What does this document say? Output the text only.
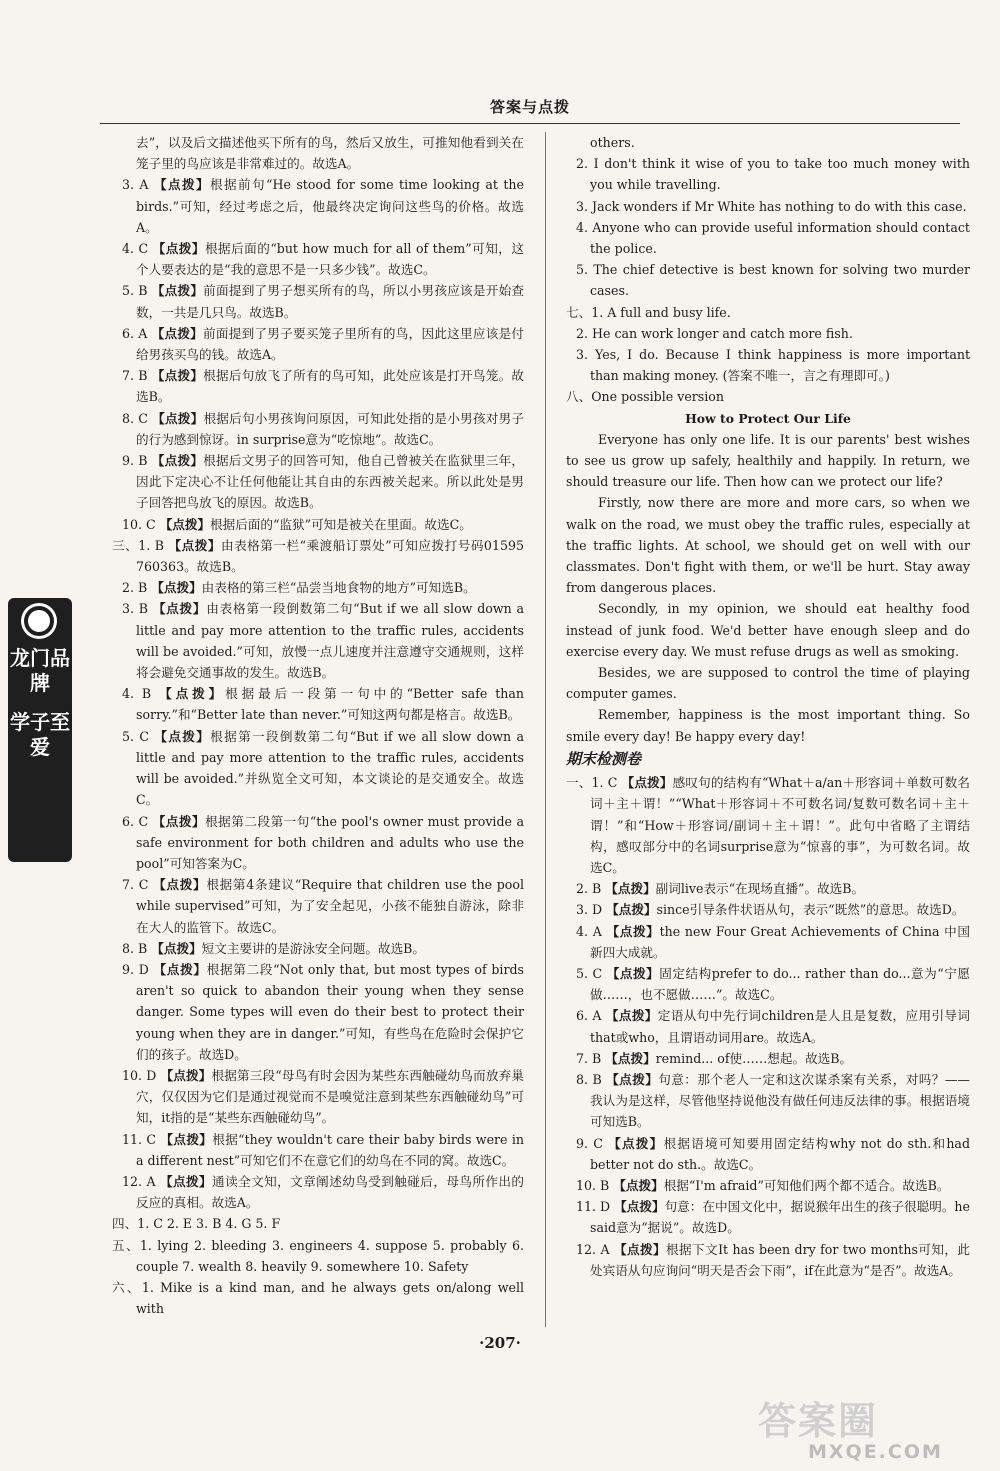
答案与点拨
去”，以及后文描述他买下所有的鸟，然后又放生，可推知他看到关在笼子里的鸟应该是非常难过的。故选A。
3. A 【点拨】根据前句“He stood for some time looking at the birds.”可知，经过考虑之后，他最终决定询问这些鸟的价格。故选A。
4. C 【点拨】根据后面的“but how much for all of them”可知，这个人要表达的是“我的意思不是一只多少钱”。故选C。
5. B 【点拨】前面提到了男子想买所有的鸟，所以小男孩应该是开始查数，一共是几只鸟。故选B。
6. A 【点拨】前面提到了男子要买笼子里所有的鸟，因此这里应该是付给男孩买鸟的钱。故选A。
7. B 【点拨】根据后句放飞了所有的鸟可知，此处应该是打开鸟笼。故选B。
8. C 【点拨】根据后句小男孩询问原因，可知此处指的是小男孩对男子的行为感到惊讶。in surprise意为“吃惊地”。故选C。
9. B 【点拨】根据后文男子的回答可知，他自己曾被关在监狱里三年，因此下定决心不让任何他能让其自由的东西被关起来。所以此处是男子回答把鸟放飞的原因。故选B。
10. C 【点拨】根据后面的“监狱”可知是被关在里面。故选C。
三、1. B 【点拨】由表格第一栏“乘渡船订票处”可知应拨打号码01595 760363。故选B。
2. B 【点拨】由表格的第三栏“品尝当地食物的地方”可知选B。
3. B 【点拨】由表格第一段倒数第二句“But if we all slow down a little and pay more attention to the traffic rules, accidents will be avoided.”可知，放慢一点儿速度并注意遵守交通规则，这样将会避免交通事故的发生。故选B。
4. B 【点拨】根据最后一段第一句中的“Better safe than sorry.”和“Better late than never.”可知这两句都是格言。故选B。
5. C 【点拨】根据第一段倒数第二句“But if we all slow down a little and pay more attention to the traffic rules, accidents will be avoided.”并纵览全文可知，本文谈论的是交通安全。故选C。
6. C 【点拨】根据第二段第一句“the pool's owner must provide a safe environment for both children and adults who use the pool”可知答案为C。
7. C 【点拨】根据第4条建议“Require that children use the pool while supervised”可知，为了安全起见，小孩不能独自游泳，除非在大人的监管下。故选C。
8. B 【点拨】短文主要讲的是游泳安全问题。故选B。
9. D 【点拨】根据第二段“Not only that, but most types of birds aren't so quick to abandon their young when they sense danger. Some types will even do their best to protect their young when they are in danger.”可知，有些鸟在危险时会保护它们的孩子。故选D。
10. D 【点拨】根据第三段“母鸟有时会因为某些东西触碰幼鸟而放弃巢穴，仅仅因为它们是通过视觉而不是嗅觉注意到某些东西触碰幼鸟”可知，it指的是“某些东西触碰幼鸟”。
11. C 【点拨】根据“they wouldn't care their baby birds were in a different nest”可知它们不在意它们的幼鸟在不同的窝。故选C。
12. A 【点拨】通读全文知，文章阐述幼鸟受到触碰后，母鸟所作出的反应的真相。故选A。
四、1. C 2. E 3. B 4. G 5. F
五、1. lying 2. bleeding 3. engineers 4. suppose 5. probably 6. couple 7. wealth 8. heavily 9. somewhere 10. Safety
六、1. Mike is a kind man, and he always gets on/along well with
others.
2. I don't think it wise of you to take too much money with you while travelling.
3. Jack wonders if Mr White has nothing to do with this case.
4. Anyone who can provide useful information should contact the police.
5. The chief detective is best known for solving two murder cases.
七、1. A full and busy life.
2. He can work longer and catch more fish.
3. Yes, I do. Because I think happiness is more important than making money. (答案不唯一，言之有理即可。)
八、One possible version
How to Protect Our Life
Everyone has only one life. It is our parents' best wishes to see us grow up safely, healthily and happily. In return, we should treasure our life. Then how can we protect our life?
Firstly, now there are more and more cars, so when we walk on the road, we must obey the traffic rules, especially at the traffic lights. At school, we should get on well with our classmates. Don't fight with them, or we'll be hurt. Stay away from dangerous places.
Secondly, in my opinion, we should eat healthy food instead of junk food. We'd better have enough sleep and do exercise every day. We must refuse drugs as well as smoking.
Besides, we are supposed to control the time of playing computer games.
Remember, happiness is the most important thing. So smile every day! Be happy every day!
期末检测卷
一、1. C 【点拨】感叹句的结构有“What＋a/an＋形容词＋单数可数名词＋主＋谓！”“What＋形容词＋不可数名词/复数可数名词＋主＋谓！”和“How＋形容词/副词＋主＋谓！”。此句中省略了主谓结构，感叹部分中的名词surprise意为“惊喜的事”，为可数名词。故选C。
2. B 【点拨】副词live表示“在现场直播”。故选B。
3. D 【点拨】since引导条件状语从句，表示“既然”的意思。故选D。
4. A 【点拨】the new Four Great Achievements of China 中国新四大成就。
5. C 【点拨】固定结构prefer to do... rather than do...意为“宁愿做……，也不愿做……”。故选C。
6. A 【点拨】定语从句中先行词children是人且是复数，应用引导词that或who，且谓语动词用are。故选A。
7. B 【点拨】remind... of使……想起。故选B。
8. B 【点拨】句意：那个老人一定和这次谋杀案有关系，对吗？——我认为是这样，尽管他坚持说他没有做任何违反法律的事。根据语境可知选B。
9. C 【点拨】根据语境可知要用固定结构why not do sth.和had better not do sth.。故选C。
10. B 【点拨】根据“I'm afraid”可知他们两个都不适合。故选B。
11. D 【点拨】句意：在中国文化中，据说猴年出生的孩子很聪明。he said意为“据说”。故选D。
12. A 【点拨】根据下文It has been dry for two months可知，此处宾语从句应询问“明天是否会下雨”，if在此意为“是否”。故选A。
龙门品牌
学子至爱
·207·
答案圈
MXQE.COM
